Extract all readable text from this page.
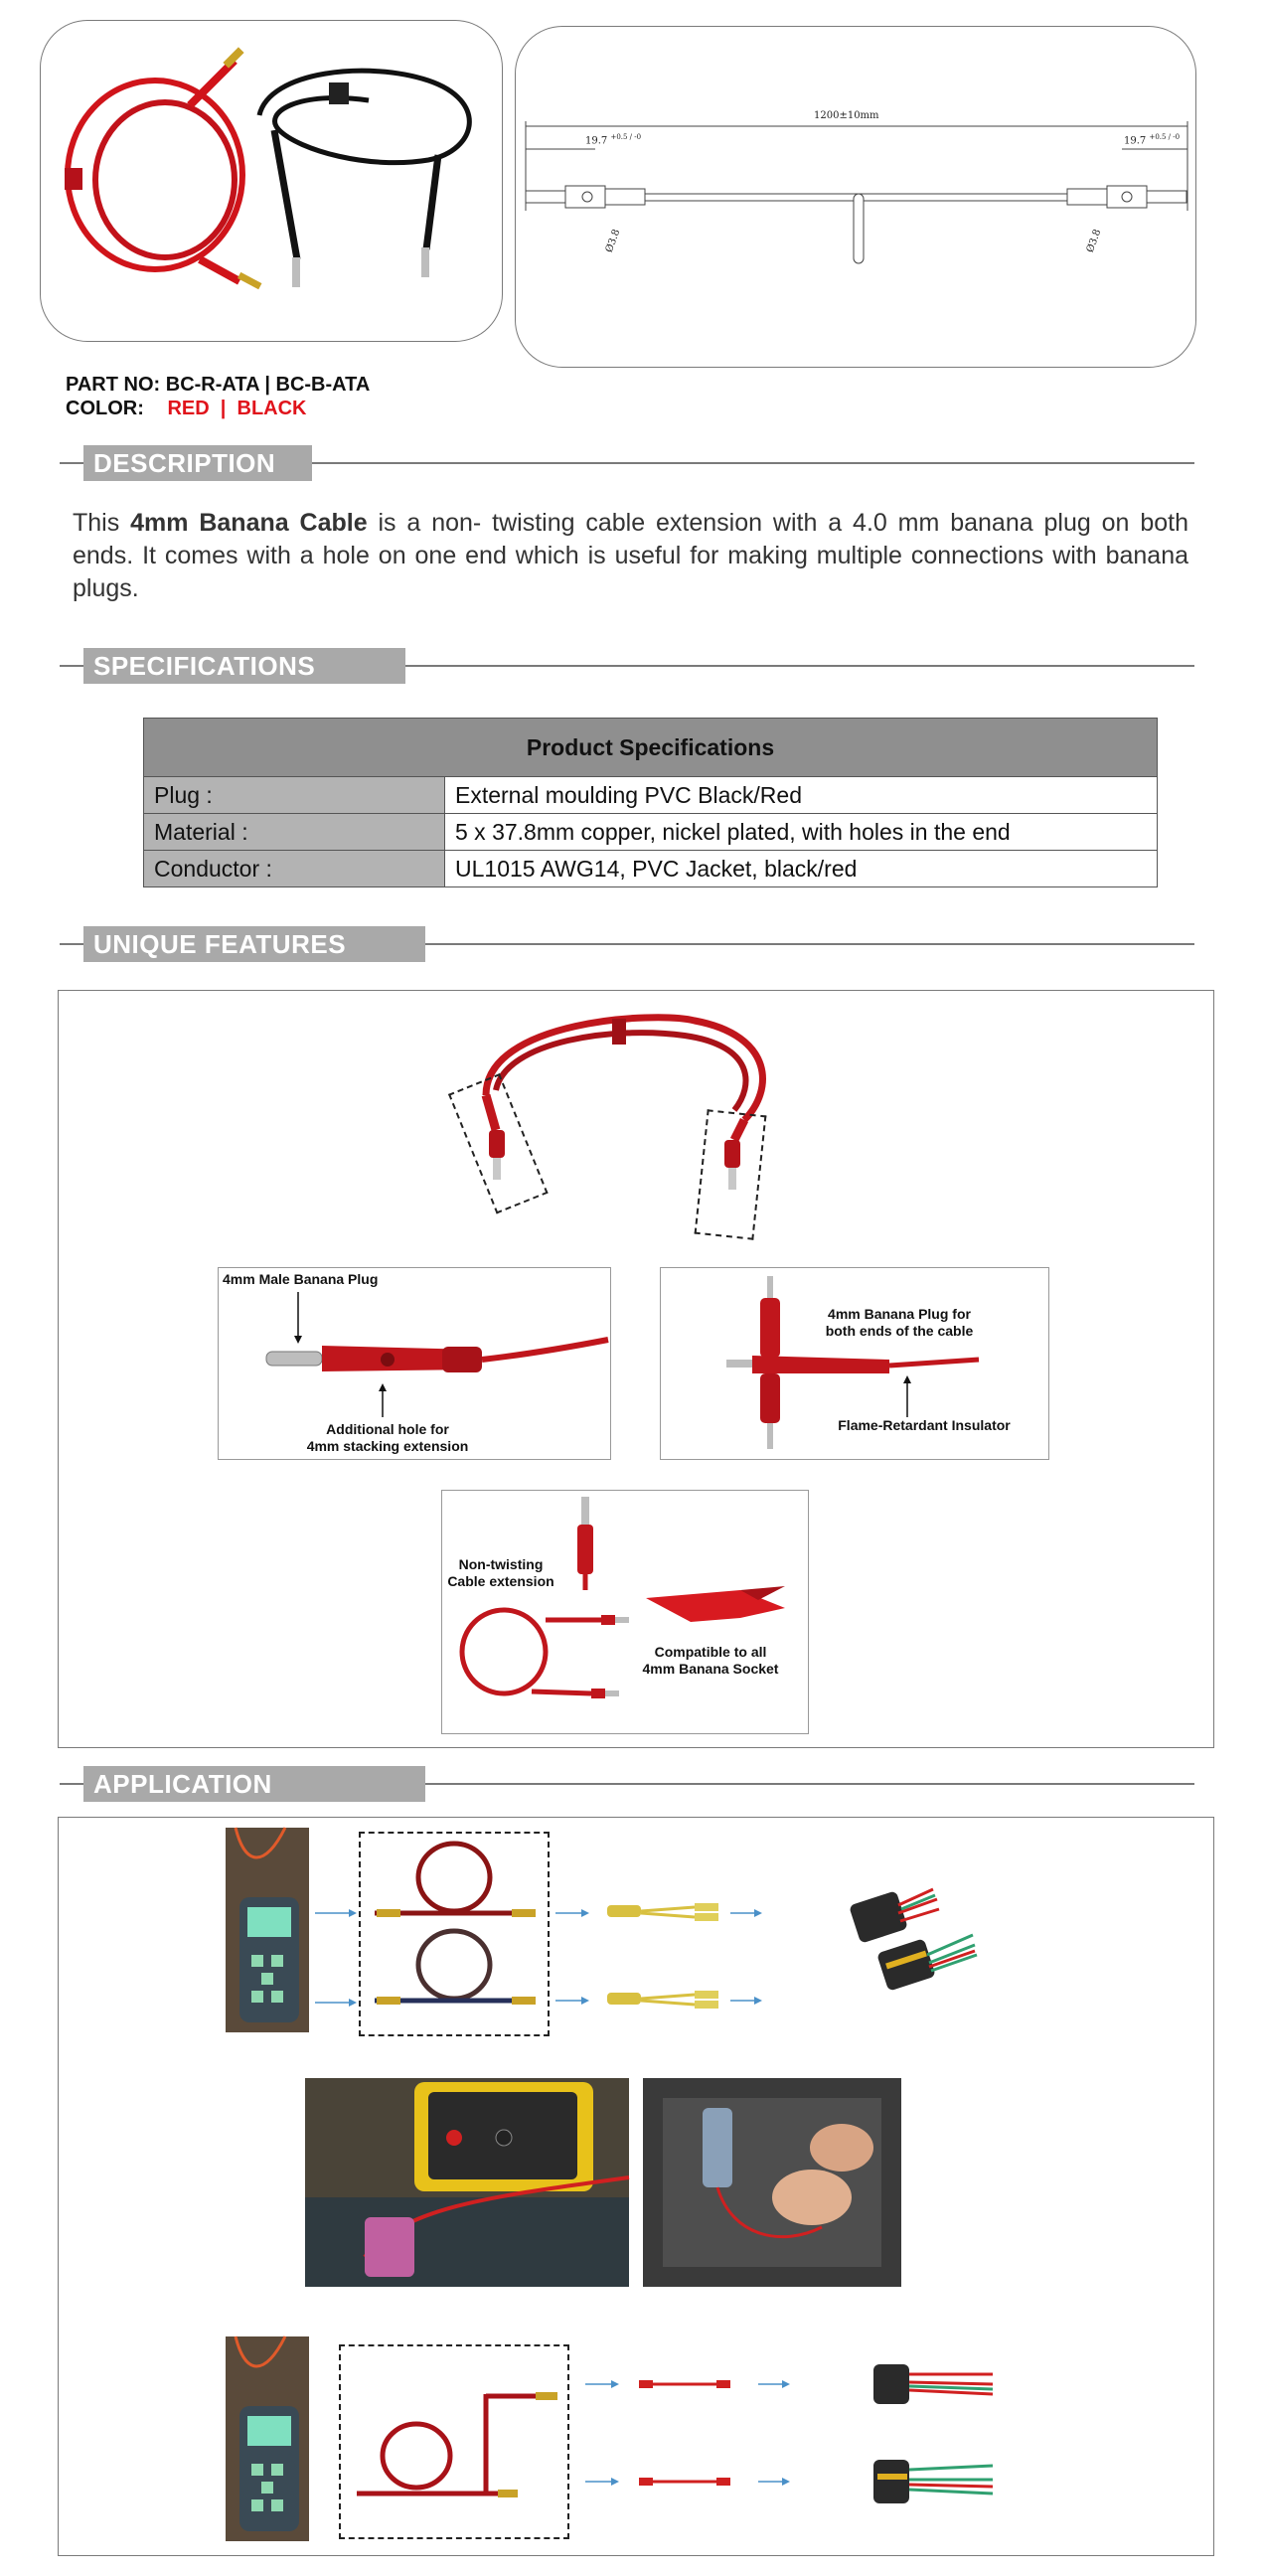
1200±10mm
19.7 $^{+0.5 / -0}$	19.7 $^{+0.5 / -0}$
Ø3.8	Ø3.8
PART NO: BC-R-ATA | BC-B-ATA
COLOR: RED  |  BLACK
DESCRIPTION
This 4mm Banana Cable is a non- twisting cable extension with a 4.0 mm banana plug on both ends. It comes with a hole on one end which is useful for making multiple connections with banana plugs.
SPECIFICATIONS
Product Specifications	
Plug :	External moulding PVC Black/Red
Material :	5 x 37.8mm copper, nickel plated, with holes in the end
Conductor :	UL1015 AWG14, PVC Jacket, black/red
UNIQUE FEATURES
4mm Male Banana Plug
Additional hole for
4mm stacking extension
4mm Banana Plug for
both ends of the cable
Flame-Retardant Insulator
Non-twisting
Cable extension
Compatible to all
4mm Banana Socket
APPLICATION
